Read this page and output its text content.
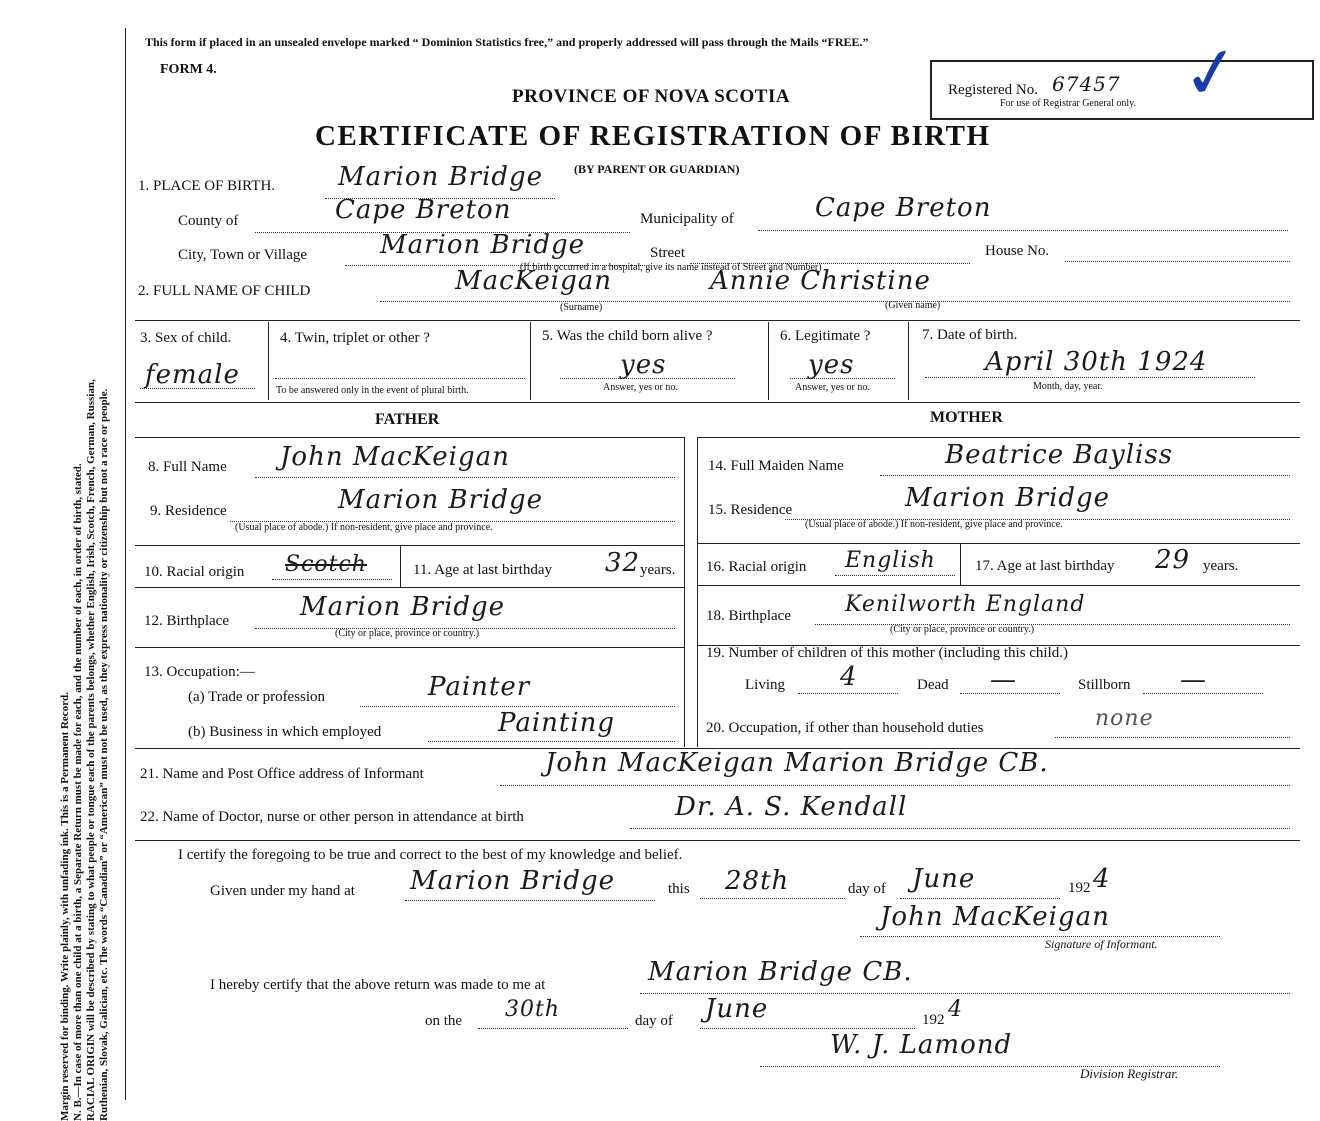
Margin reserved for binding. Write plainly, with unfading ink. This is a Permanent Record. N. B.—In case of more than one child at a birth, a Separate Return must be made for each, and the number of each, in order of birth, stated. RACIAL ORIGIN will be described by stating to what people or tongue each of the parents belongs, whether English, Irish, Scotch, French, German, Russian, Ruthenian, Slovak, Galician, etc. The words “Canadian” or “American” must not be used, as they express nationality or citizenship but not a race or people.
This form if placed in an unsealed envelope marked “ Dominion Statistics free,” and properly addressed will pass through the Mails “FREE.”
FORM 4.
PROVINCE OF NOVA SCOTIA
CERTIFICATE OF REGISTRATION OF BIRTH
(BY PARENT OR GUARDIAN)
Registered No. 67457
For use of Registrar General only. ✓
1. PLACE OF BIRTH. Marion Bridge
County of	Cape Breton	Municipality of	Cape Breton
City, Town or Village	Marion Bridge	Street	House No.
(If birth occurred in a hospital, give its name instead of Street and Number)
2. FULL NAME OF CHILD	MacKeigan	Annie Christine
(Surname)	(Given name)
3. Sex of child.
female
4. Twin, triplet or other ?
To be answered only in the event of plural birth.
5. Was the child born alive ?
yes
Answer, yes or no.
6. Legitimate ?
yes
Answer, yes or no.
7. Date of birth.
April 30th 1924
Month, day, year.
FATHER	MOTHER
8. Full Name John MacKeigan
9. Residence	Marion Bridge
(Usual place of abode.) If non-resident, give place and province.
10. Racial origin Scotch	11. Age at last birthday 32 years.
12. Birthplace	Marion Bridge
(City or place, province or country.)
13. Occupation:—
(a) Trade or profession	Painter
(b) Business in which employed	Painting
14. Full Maiden Name	Beatrice Bayliss
15. Residence	Marion Bridge
(Usual place of abode.) If non-resident, give place and province.
16. Racial origin English	17. Age at last birthday 29 years.
18. Birthplace Kenilworth England
(City or place, province or country.)
19. Number of children of this mother (including this child.)
Living 4	Dead —	Stillborn —
20. Occupation, if other than household duties	none
21. Name and Post Office address of Informant	John MacKeigan Marion Bridge CB.
22. Name of Doctor, nurse or other person in attendance at birth	Dr. A. S. Kendall
I certify the foregoing to be true and correct to the best of my knowledge and belief.
Given under my hand at Marion Bridge	this 28th	day of June	192 4
John MacKeigan
Signature of Informant.
I hereby certify that the above return was made to me at	Marion Bridge CB.
on the 30th	day of June	192 4
W. J. Lamond
Division Registrar.
